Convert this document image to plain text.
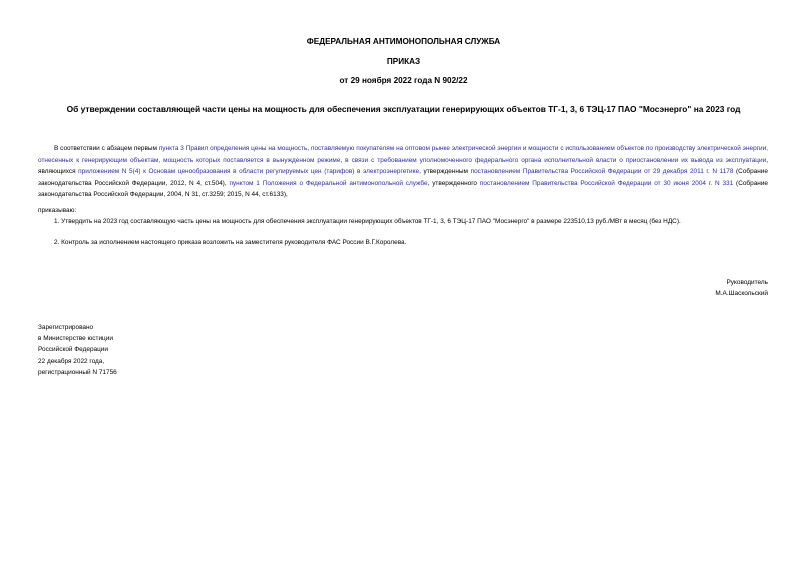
ФЕДЕРАЛЬНАЯ АНТИМОНОПОЛЬНАЯ СЛУЖБА
ПРИКАЗ
от 29 ноября 2022 года N 902/22
Об утверждении составляющей части цены на мощность для обеспечения эксплуатации генерирующих объектов ТГ-1, 3, 6 ТЭЦ-17 ПАО "Мосэнерго" на 2023 год
В соответствии с абзацем первым пункта 3 Правил определения цены на мощность, поставляемую покупателям на оптовом рынке электрической энергии и мощности с использованием объектов по производству электрической энергии, отнесенных к генерирующим объектам, мощность которых поставляется в вынужденном режиме, в связи с требованием уполномоченного федерального органа исполнительной власти о приостановлении их вывода из эксплуатации, являющихся приложением N 5(4) к Основам ценообразования в области регулируемых цен (тарифов) в электроэнергетике, утвержденным постановлением Правительства Российской Федерации от 29 декабря 2011 г. N 1178 (Собрание законодательства Российской Федерации, 2012, N 4, ст.504), пунктом 1 Положения о Федеральной антимонопольной службе, утвержденного постановлением Правительства Российской Федерации от 30 июня 2004 г. N 331 (Собрание законодательства Российской Федерации, 2004, N 31, ст.3259; 2015, N 44, ст.6133),
приказываю:
1. Утвердить на 2023 год составляющую часть цены на мощность для обеспечения эксплуатации генерирующих объектов ТГ-1, 3, 6 ТЭЦ-17 ПАО "Мосэнерго" в размере 223510,13 руб./МВт в месяц (без НДС).
2. Контроль за исполнением настоящего приказа возложить на заместителя руководителя ФАС России В.Г.Королева.
Руководитель
М.А.Шаскольский
Зарегистрировано
в Министерстве юстиции
Российской Федерации
22 декабря 2022 года,
регистрационный N 71756
